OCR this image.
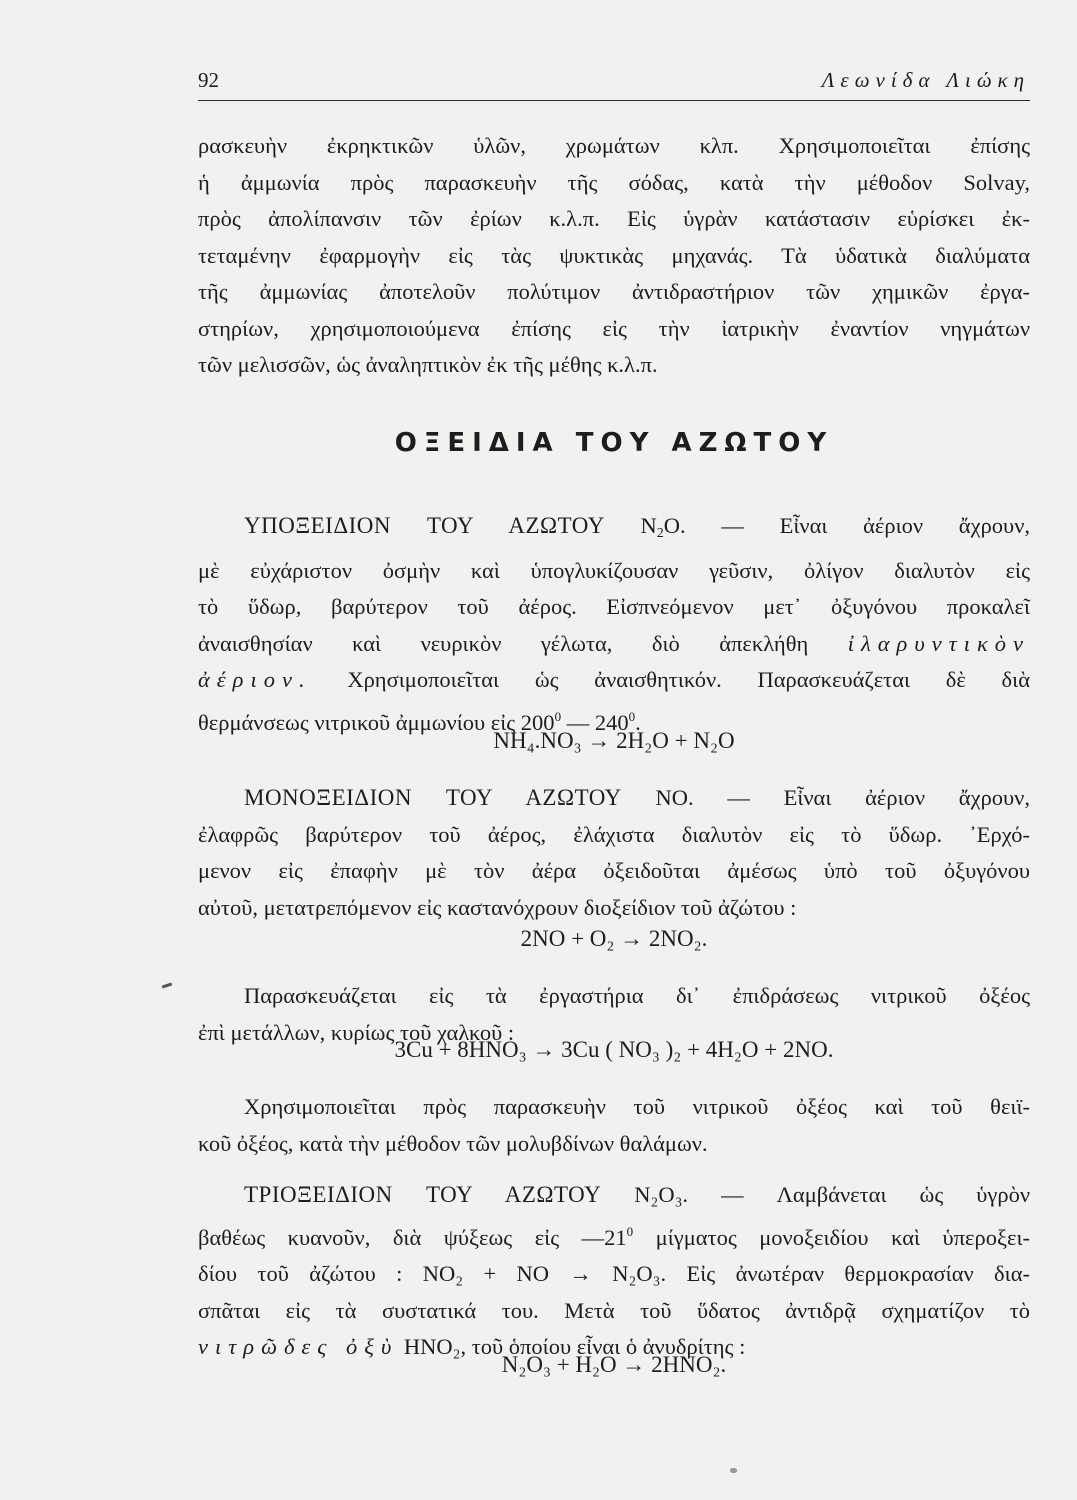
92	Λεωνίδα Λιώκη
ρασκευὴν ἐκρηκτικῶν ὑλῶν, χρωμάτων κλπ. Χρησιμοποιεῖται ἐπίσης
ἡ ἀμμωνία πρὸς παρασκευὴν τῆς σόδας, κατὰ τὴν μέθοδον Solvay,
πρὸς ἀπολίπανσιν τῶν ἐρίων κ.λ.π. Εἰς ὑγρὰν κατάστασιν εὑρίσκει ἐκ-
τεταμένην ἐφαρμογὴν εἰς τὰς ψυκτικὰς μηχανάς. Τὰ ὑδατικὰ διαλύματα
τῆς ἀμμωνίας ἀποτελοῦν πολύτιμον ἀντιδραστήριον τῶν χημικῶν ἐργα-
στηρίων, χρησιμοποιούμενα ἐπίσης εἰς τὴν ἰατρικὴν ἐναντίον νηγμάτων
τῶν μελισσῶν, ὡς ἀναληπτικὸν ἐκ τῆς μέθης κ.λ.π.
ΟΞΕΙΔΙΑ ΤΟΥ ΑΖΩΤΟΥ
ΥΠΟΞΕΙΔΙΟΝ ΤΟΥ ΑΖΩΤΟΥ $N_2O$. — Εἶναι ἀέριον ἄχρουν,
μὲ εὐχάριστον ὀσμὴν καὶ ὑπογλυκίζουσαν γεῦσιν, ὀλίγον διαλυτὸν εἰς
τὸ ὕδωρ, βαρύτερον τοῦ ἀέρος. Εἰσπνεόμενον μετ᾽ ὀξυγόνου προκαλεῖ
ἀναισθησίαν καὶ νευρικὸν γέλωτα, διὸ ἀπεκλήθη ἰλαρυντικὸν
ἀέριον. Χρησιμοποιεῖται ὡς ἀναισθητικόν. Παρασκευάζεται δὲ διὰ
θερμάνσεως νιτρικοῦ ἀμμωνίου εἰς $200^0$ — $240^0$.
NH₄.NO₃ → 2H₂O + N₂O
ΜΟΝΟΞΕΙΔΙΟΝ ΤΟΥ ΑΖΩΤΟΥ ΝΟ. — Εἶναι ἀέριον ἄχρουν,
ἐλαφρῶς βαρύτερον τοῦ ἀέρος, ἐλάχιστα διαλυτὸν εἰς τὸ ὕδωρ. ᾿Ερχό-
μενον εἰς ἐπαφὴν μὲ τὸν ἀέρα ὀξειδοῦται ἀμέσως ὑπὸ τοῦ ὀξυγόνου
αὐτοῦ, μετατρεπόμενον εἰς καστανόχρουν διοξείδιον τοῦ ἀζώτου :
2NO + O₂ → 2NO₂.
Παρασκευάζεται εἰς τὰ ἐργαστήρια δι᾽ ἐπιδράσεως νιτρικοῦ ὀξέος
ἐπὶ μετάλλων, κυρίως τοῦ χαλκοῦ :
3Cu + 8HNO₃ → 3Cu ( NO₃ )₂ + 4H₂O + 2NO.
Χρησιμοποιεῖται πρὸς παρασκευὴν τοῦ νιτρικοῦ ὀξέος καὶ τοῦ θειϊ-
κοῦ ὀξέος, κατὰ τὴν μέθοδον τῶν μολυβδίνων θαλάμων.
ΤΡΙΟΞΕΙΔΙΟΝ ΤΟΥ ΑΖΩΤΟΥ N₂O₃. — Λαμβάνεται ὡς ὑγρὸν
βαθέως κυανοῦν, διὰ ψύξεως εἰς $—21^0$ μίγματος μονοξειδίου καὶ ὑπεροξει-
δίου τοῦ ἀζώτου : NO₂ + NO → N₂O₃. Εἰς ἀνωτέραν θερμοκρασίαν δια-
σπᾶται εἰς τὰ συστατικά του. Μετὰ τοῦ ὕδατος ἀντιδρᾷ σχηματίζον τὸ
νιτρῶδες ὀξὺ HNO₂, τοῦ ὁποίου εἶναι ὁ ἀνυδρίτης :
N₂O₃ + H₂O → 2HNO₂.
